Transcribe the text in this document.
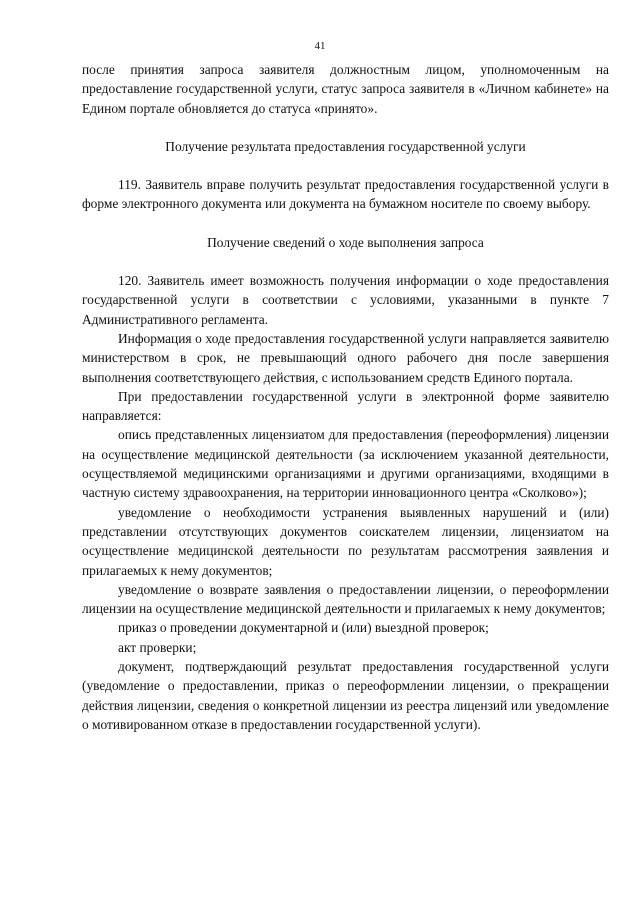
41

после принятия запроса заявителя должностным лицом, уполномоченным на предоставление государственной услуги, статус запроса заявителя в «Личном кабинете» на Едином портале обновляется до статуса «принято».

Получение результата предоставления государственной услуги

119. Заявитель вправе получить результат предоставления государственной услуги в форме электронного документа или документа на бумажном носителе по своему выбору.

Получение сведений о ходе выполнения запроса

120. Заявитель имеет возможность получения информации о ходе предоставления государственной услуги в соответствии с условиями, указанными в пункте 7 Административного регламента.

Информация о ходе предоставления государственной услуги направляется заявителю министерством в срок, не превышающий одного рабочего дня после завершения выполнения соответствующего действия, с использованием средств Единого портала.

При предоставлении государственной услуги в электронной форме заявителю направляется:

опись представленных лицензиатом для предоставления (переоформления) лицензии на осуществление медицинской деятельности (за исключением указанной деятельности, осуществляемой медицинскими организациями и другими организациями, входящими в частную систему здравоохранения, на территории инновационного центра «Сколково»);

уведомление о необходимости устранения выявленных нарушений и (или) представлении отсутствующих документов соискателем лицензии, лицензиатом на осуществление медицинской деятельности по результатам рассмотрения заявления и прилагаемых к нему документов;

уведомление о возврате заявления о предоставлении лицензии, о переоформлении лицензии на осуществление медицинской деятельности и прилагаемых к нему документов;

приказ о проведении документарной и (или) выездной проверок;

акт проверки;

документ, подтверждающий результат предоставления государственной услуги (уведомление о предоставлении, приказ о переоформлении лицензии, о прекращении действия лицензии, сведения о конкретной лицензии из реестра лицензий или уведомление о мотивированном отказе в предоставлении государственной услуги).
